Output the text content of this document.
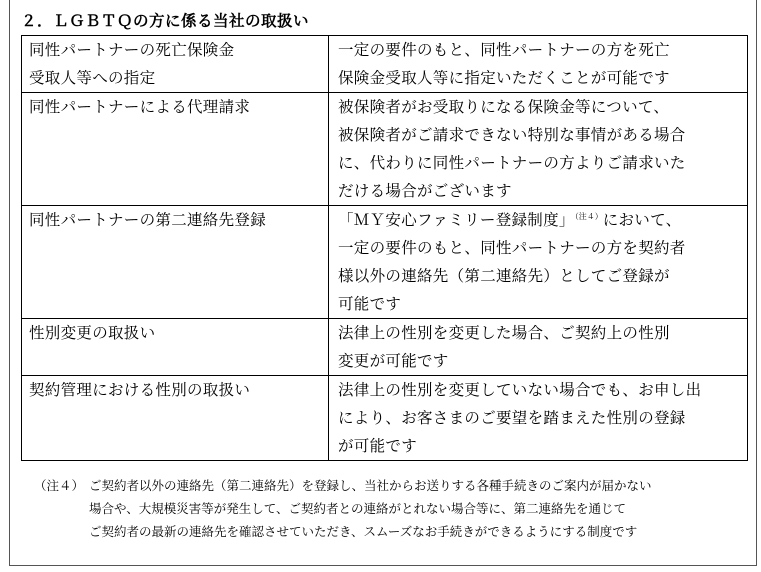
２．ＬＧＢＴＱの方に係る当社の取扱い
同性パートナーの死亡保険金
受取人等への指定	一定の要件のもと、同性パートナーの方を死亡
保険金受取人等に指定いただくことが可能です

同性パートナーによる代理請求	被保険者がお受取りになる保険金等について、
被保険者がご請求できない特別な事情がある場合
に、代わりに同性パートナーの方よりご請求いた
だける場合がございます

同性パートナーの第二連絡先登録	「ＭＹ安心ファミリー登録制度」$^{(注4)}$において、
一定の要件のもと、同性パートナーの方を契約者
様以外の連絡先（第二連絡先）としてご登録が
可能です

性別変更の取扱い	法律上の性別を変更した場合、ご契約上の性別
変更が可能です

契約管理における性別の取扱い	法律上の性別を変更していない場合でも、お申し出
により、お客さまのご要望を踏まえた性別の登録
が可能です
（注４） ご契約者以外の連絡先（第二連絡先）を登録し、当社からお送りする各種手続きのご案内が届かない
場合や、大規模災害等が発生して、ご契約者との連絡がとれない場合等に、第二連絡先を通じて
ご契約者の最新の連絡先を確認させていただき、スムーズなお手続きができるようにする制度です
